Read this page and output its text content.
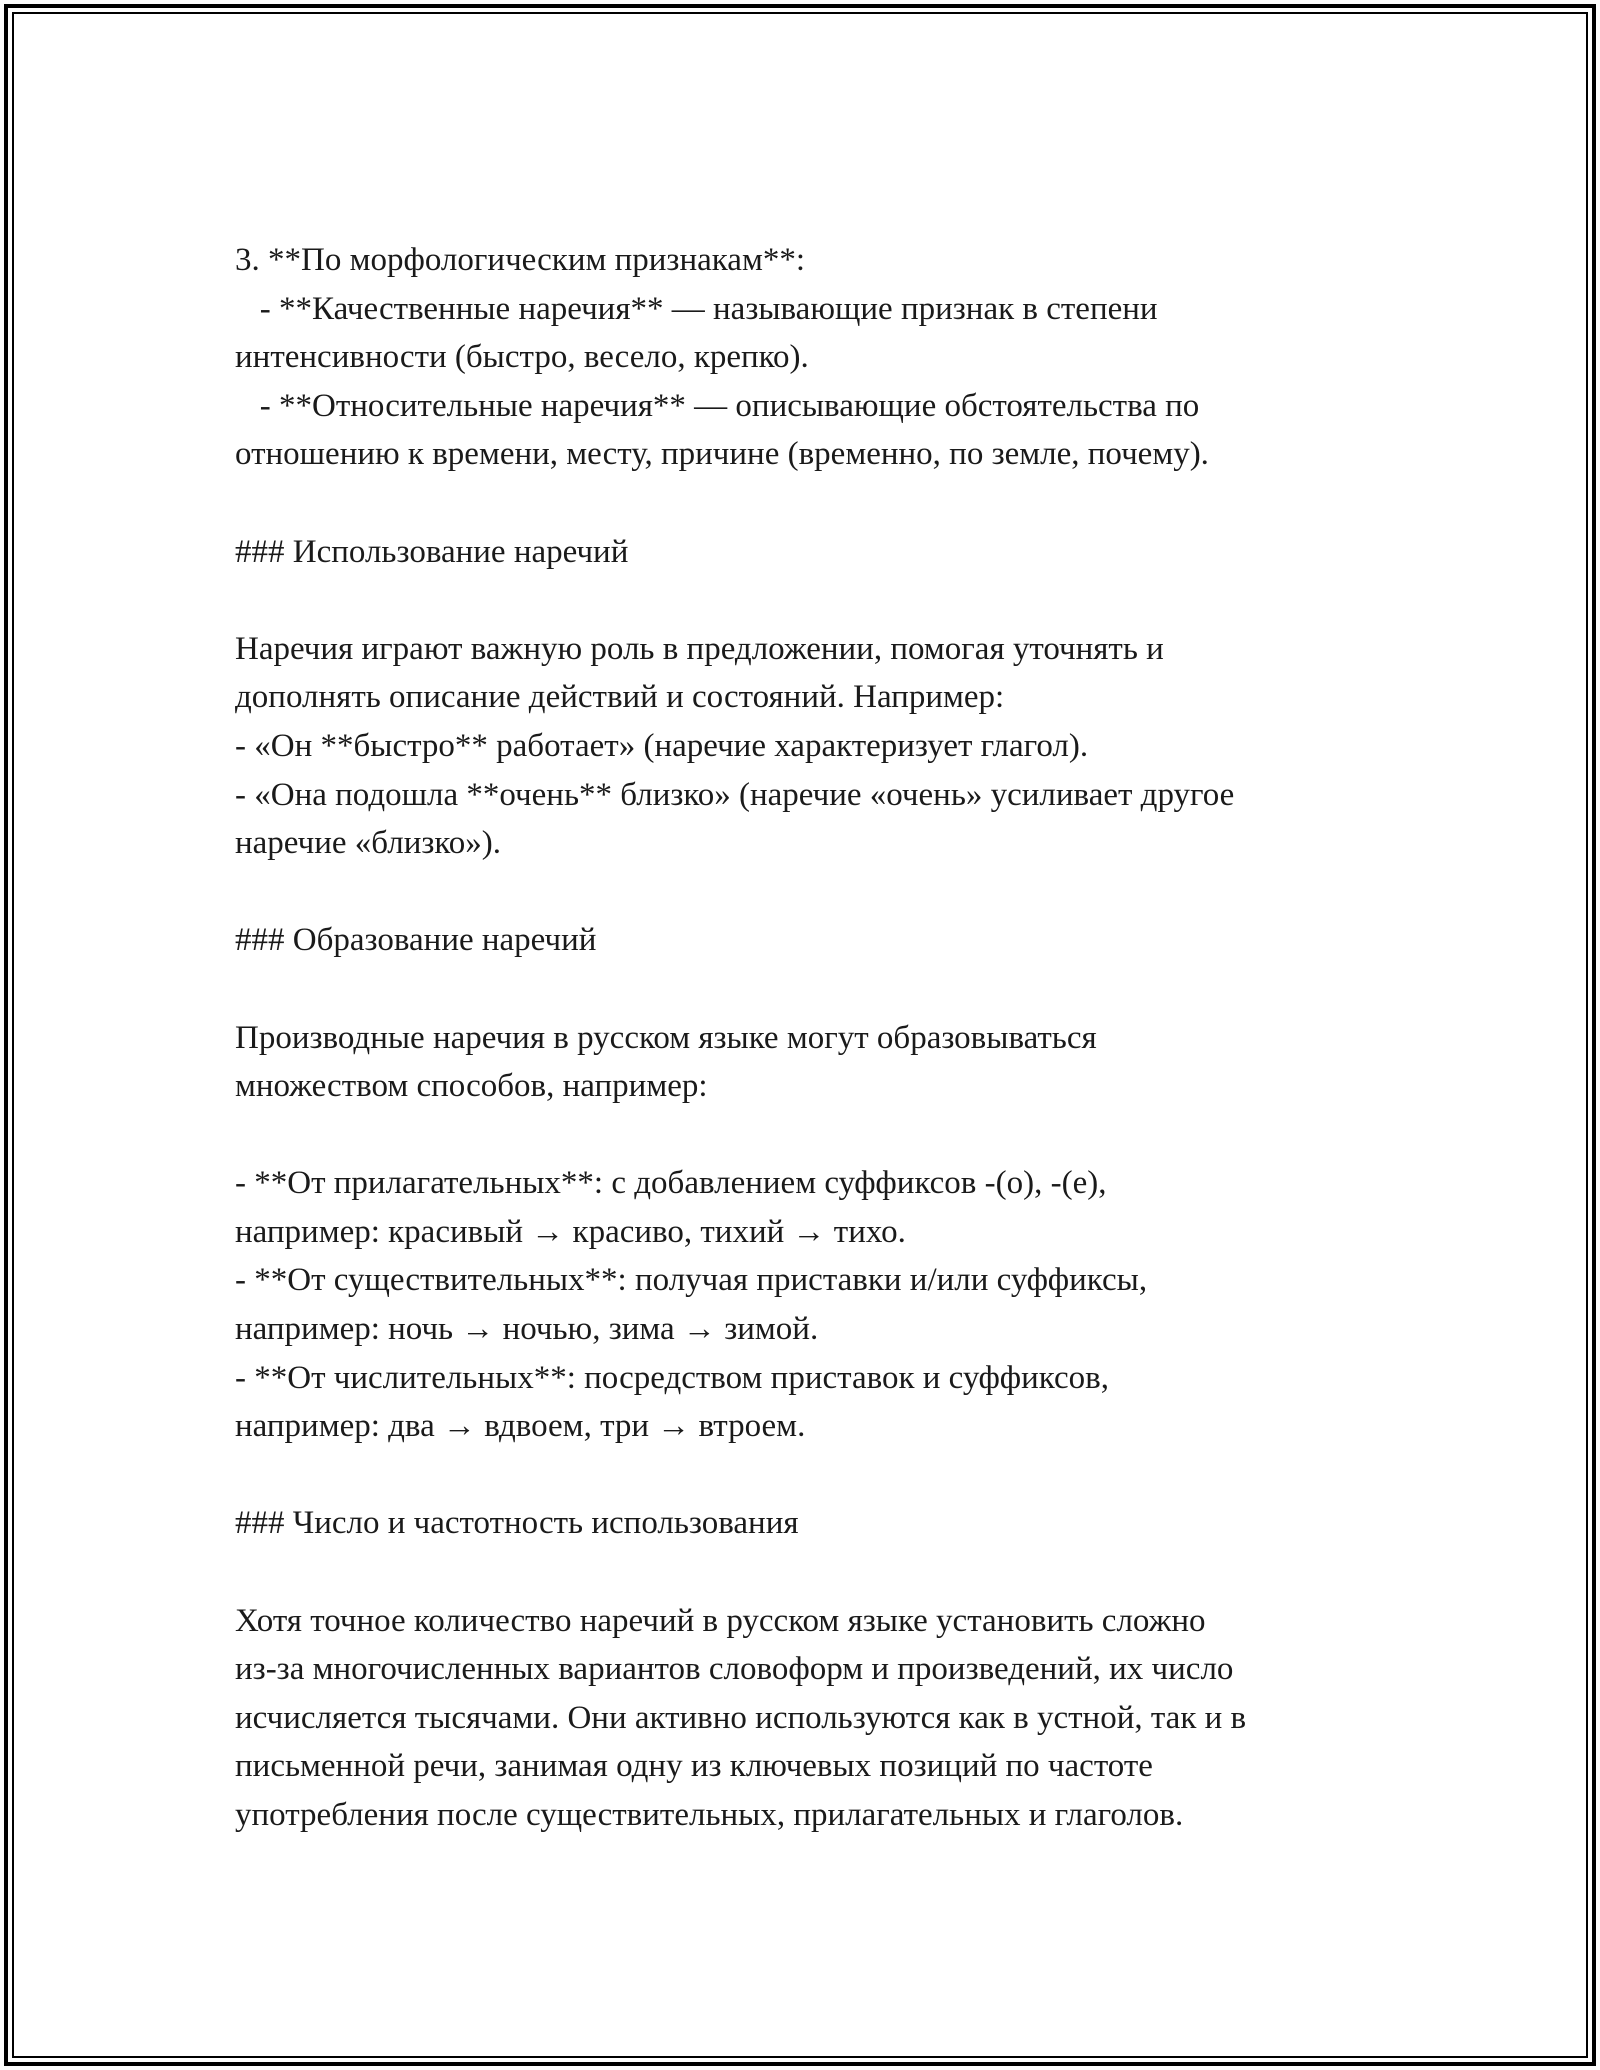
3. **По морфологическим признакам**:
- **Качественные наречия** — называющие признак в степени
интенсивности (быстро, весело, крепко).
- **Относительные наречия** — описывающие обстоятельства по
отношению к времени, месту, причине (временно, по земле, почему).
### Использование наречий
Наречия играют важную роль в предложении, помогая уточнять и
дополнять описание действий и состояний. Например:
- «Он **быстро** работает» (наречие характеризует глагол).
- «Она подошла **очень** близко» (наречие «очень» усиливает другое
наречие «близко»).
### Образование наречий
Производные наречия в русском языке могут образовываться
множеством способов, например:
- **От прилагательных**: с добавлением суффиксов -(о), -(е),
например: красивый → красиво, тихий → тихо.
- **От существительных**: получая приставки и/или суффиксы,
например: ночь → ночью, зима → зимой.
- **От числительных**: посредством приставок и суффиксов,
например: два → вдвоем, три → втроем.
### Число и частотность использования
Хотя точное количество наречий в русском языке установить сложно
из-за многочисленных вариантов словоформ и произведений, их число
исчисляется тысячами. Они активно используются как в устной, так и в
письменной речи, занимая одну из ключевых позиций по частоте
употребления после существительных, прилагательных и глаголов.
